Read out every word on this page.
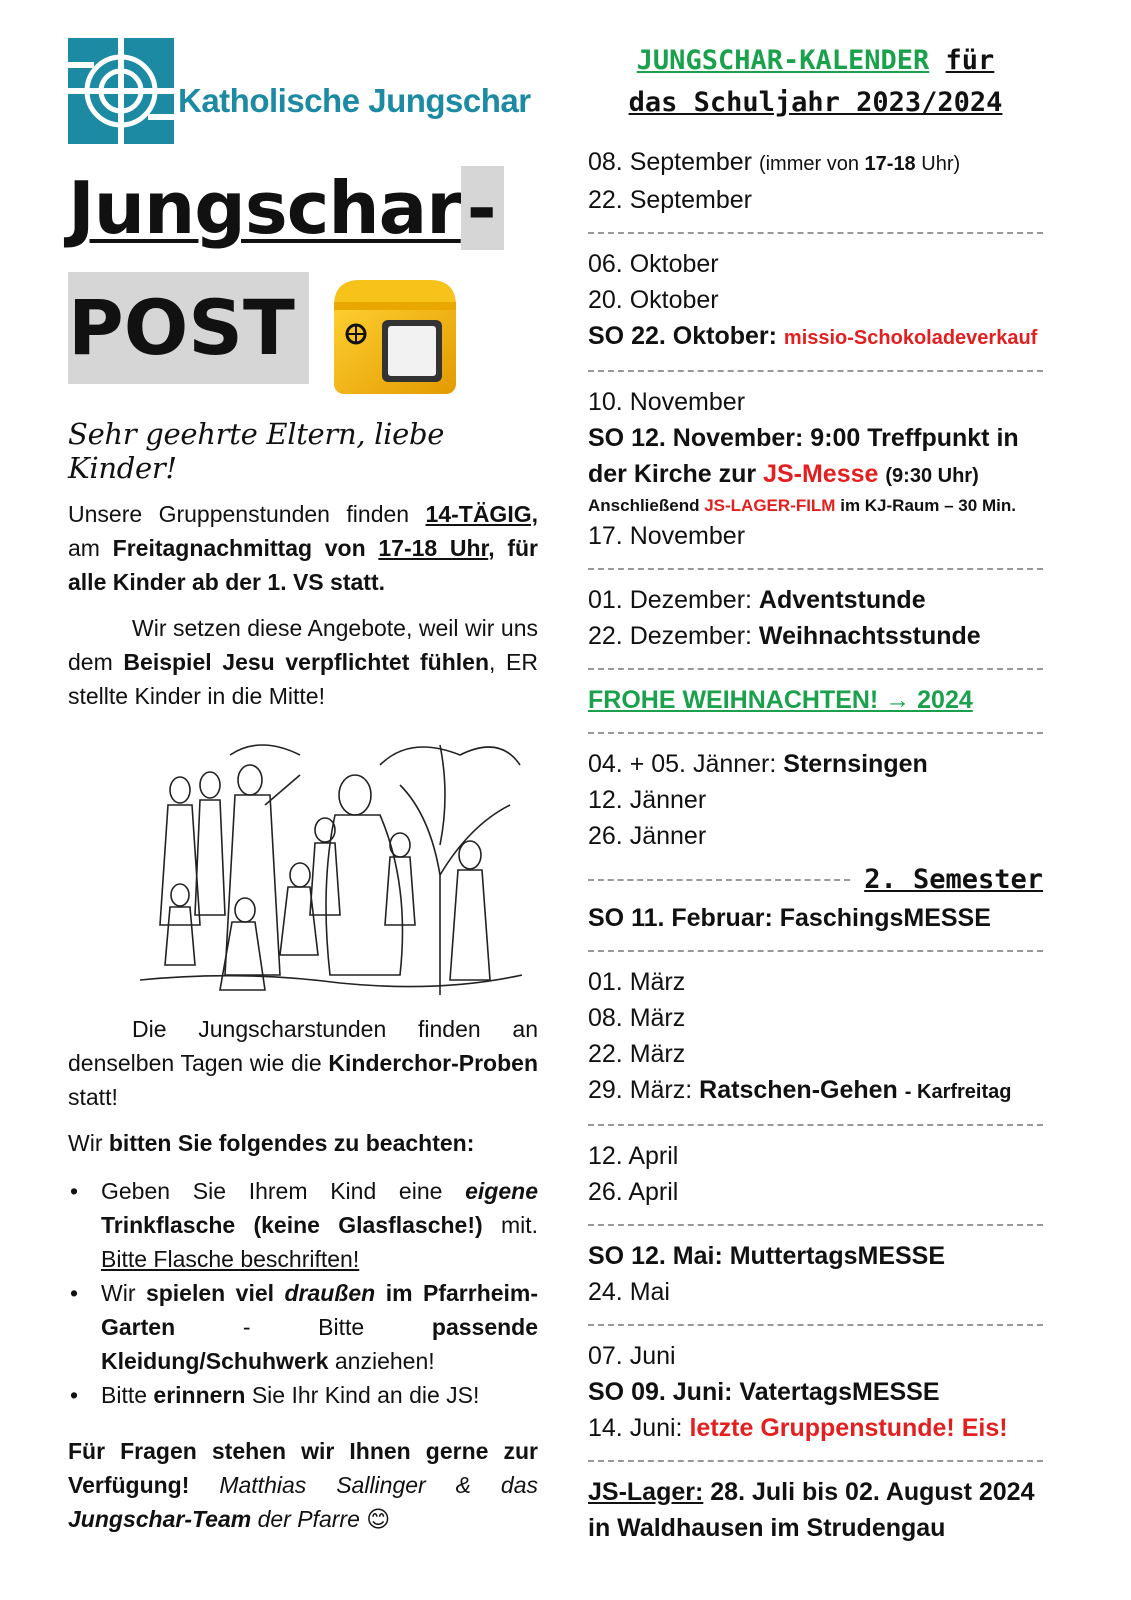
Katholische Jungschar
Jungschar-
POST
Sehr geehrte Eltern, liebe Kinder!
Unsere Gruppenstunden finden 14-TÄGIG, am Freitagnachmittag von 17-18 Uhr, für alle Kinder ab der 1. VS statt.
Wir setzen diese Angebote, weil wir uns dem Beispiel Jesu verpflichtet fühlen, ER stellte Kinder in die Mitte!
Die Jungscharstunden finden an denselben Tagen wie die Kinderchor-Proben statt!
Wir bitten Sie folgendes zu beachten:
• Geben Sie Ihrem Kind eine eigene Trinkflasche (keine Glasflasche!) mit. Bitte Flasche beschriften!
• Wir spielen viel draußen im Pfarrheim-Garten	- Bitte	passende Kleidung/Schuhwerk anziehen!
• Bitte erinnern Sie Ihr Kind an die JS!
Für Fragen stehen wir Ihnen gerne zur Verfügung! Matthias Sallinger & das Jungschar-Team der Pfarre 😊
JUNGSCHAR-KALENDER für
das Schuljahr 2023/2024
08. September (immer von 17-18 Uhr)
22. September
06. Oktober
20. Oktober
SO 22. Oktober: missio-Schokoladeverkauf
10. November
SO 12. November: 9:00 Treffpunkt in
der Kirche zur JS-Messe (9:30 Uhr)
Anschließend JS-LAGER-FILM im KJ-Raum – 30 Min.
17. November
01. Dezember: Adventstunde
22. Dezember: Weihnachtsstunde
FROHE WEIHNACHTEN! → 2024
04. + 05. Jänner: Sternsingen
12. Jänner
26. Jänner
2. Semester
SO 11. Februar: FaschingsMESSE
01. März
08. März
22. März
29. März: Ratschen-Gehen - Karfreitag
12. April
26. April
SO 12. Mai: MuttertagsMESSE
24. Mai
07. Juni
SO 09. Juni: VatertagsMESSE
14. Juni: letzte Gruppenstunde! Eis!
JS-Lager: 28. Juli bis 02. August 2024
in Waldhausen im Strudengau
